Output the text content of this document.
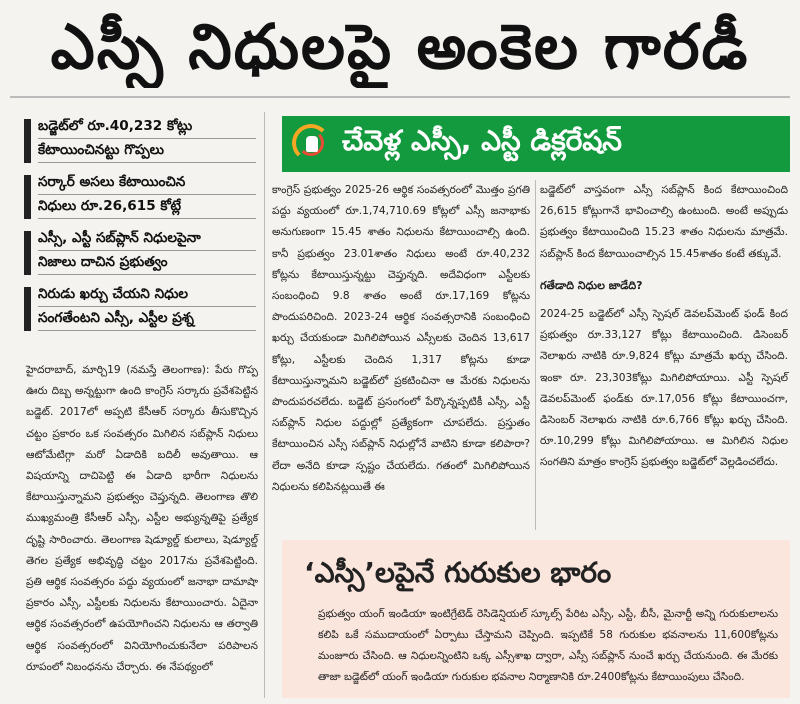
ఎస్సీ నిధులపై అంకెల గారడీ
బడ్జెట్‌లో రూ.40,232 కోట్లు
కేటాయించినట్టు గొప్పలు
సర్కార్ అసలు కేటాయించిన
నిధులు రూ.26,615 కోట్లే
ఎస్సీ, ఎస్టీ సబ్‌ప్లాన్ నిధులపైనా
నిజాలు దాచిన ప్రభుత్వం
నిరుడు ఖర్చు చేయని నిధుల
సంగతేంటని ఎస్సీ, ఎస్టీల ప్రశ్న
చేవెళ్ల ఎస్సీ, ఎస్టీ డిక్లరేషన్

హైదరాబాద్, మార్చి19 (నమస్తే తెలంగాణ): పేరు గొప్ప ఊరు దిబ్బ అన్నట్టుగా ఉంది కాంగ్రెస్ సర్కారు ప్రవేశపెట్టిన బడ్జెట్. 2017లో అప్పటి కేసీఆర్ సర్కారు తీసుకొచ్చిన చట్టం ప్రకారం ఒక సంవత్సరం మిగిలిన సబ్‌ప్లాన్ నిధులు ఆటోమేటిగ్గా మరో ఏడాదికి బదిలీ అవుతాయి. ఆ విషయాన్ని దాచిపెట్టి ఈ ఏడాది భారీగా నిధులను కేటాయిస్తున్నామని ప్రభుత్వం చెప్తున్నది. తెలంగాణ తొలి ముఖ్యమంత్రి కేసీఆర్ ఎస్సీ, ఎస్టీల అభ్యున్నతిపై ప్రత్యేక దృష్టి సారించారు. తెలంగాణ షెడ్యూల్డ్ కులాలు, షెడ్యూల్డ్ తెగల ప్రత్యేక అభివృద్ధి చట్టం 2017ను ప్రవేశపెట్టింది. ప్రతి ఆర్థిక సంవత్సరం పద్దు వ్యయంలో జనాభా దామాషా ప్రకారం ఎస్సీ, ఎస్టీలకు నిధులను కేటాయించారు. ఏదైనా ఆర్థిక సంవత్సరంలో ఉపయోగించని నిధులను ఆ తర్వాతి ఆర్థిక సంవత్సరంలో వినియోగించుకునేలా పరిపాలన రూపంలో నిబంధనను చేర్చారు. ఈ నేపథ్యంలో

కాంగ్రెస్ ప్రభుత్వం 2025-26 ఆర్థిక సంవత్సరంలో మొత్తం ప్రగతి పద్దు వ్యయంలో రూ.1,74,710.69 కోట్లలో ఎస్సీ జనాభాకు అనుగుణంగా 15.45 శాతం నిధులను కేటాయించాల్సి ఉంది. కానీ ప్రభుత్వం 23.01శాతం నిధులు అంటే రూ.40,232 కోట్లను కేటాయిస్తున్నట్టు చెప్తున్నది. అదేవిధంగా ఎస్టీలకు సంబంధించి 9.8 శాతం అంటే రూ.17,169 కోట్లను పొందుపరిచింది. 2023-24 ఆర్థిక సంవత్సరానికి సంబంధించి ఖర్చు చేయకుండా మిగిలిపోయిన ఎస్సీలకు చెందిన 13,617 కోట్లు, ఎస్టీలకు చెందిన 1,317 కోట్లను కూడా కేటాయిస్తున్నామని బడ్జెట్‌లో ప్రకటించినా ఆ మేరకు నిధులను పొందుపరచలేదు. బడ్జెట్ ప్రసంగంలో పేర్కొన్నప్పటికీ ఎస్సీ, ఎస్టీ సబ్‌ప్లాన్ నిధుల పద్దుల్లో ప్రత్యేకంగా చూపలేదు. ప్రస్తుతం కేటాయించిన ఎస్సీ సబ్‌ప్లాన్ నిధుల్లోనే వాటిని కూడా కలిపారా? లేదా అనేది కూడా స్పష్టం చేయలేదు. గతంలో మిగిలిపోయిన నిధులను కలిపినట్లయితే ఈ

బడ్జెట్‌లో వాస్తవంగా ఎస్సీ సబ్‌ప్లాన్ కింద కేటాయించింది 26,615 కోట్లుగానే భావించాల్సి ఉంటుంది. అంటే అప్పుడు ప్రభుత్వం కేటాయించింది 15.23 శాతం నిధులను మాత్రమే. సబ్‌ప్లాన్ కింద కేటాయించాల్సిన 15.45శాతం కంటే తక్కువే.

గతేడాది నిధుల జాడేది?

2024-25 బడ్జెట్‌లో ఎస్సీ స్పెషల్ డెవలప్‌మెంట్ ఫండ్ కింద ప్రభుత్వం రూ.33,127 కోట్లు కేటాయించింది. డిసెంబర్ నెలాఖరు నాటికి రూ.9,824 కోట్లు మాత్రమే ఖర్చు చేసింది. ఇంకా రూ. 23,303కోట్లు మిగిలిపోయాయి. ఎస్టీ స్పెషల్ డెవలప్‌మెంట్ ఫండ్‌కు రూ.17,056 కోట్లు కేటాయించగా, డిసెంబర్ నెలాఖరు నాటికి రూ.6,766 కోట్లు ఖర్చు చేసింది. రూ.10,299 కోట్లు మిగిలిపోయాయి. ఆ మిగిలిన నిధుల సంగతిని మాత్రం కాంగ్రెస్ ప్రభుత్వం బడ్జెట్‌లో వెల్లడించలేదు.

‘ఎస్సీ’లపైనే గురుకుల భారం
ప్రభుత్వం యంగ్ ఇండియా ఇంటిగ్రేటెడ్ రెసిడెన్షియల్ స్కూల్స్ పేరిట ఎస్సీ, ఎస్టీ, బీసీ, మైనార్టీ అన్ని గురుకులాలను కలిపి ఒకే సముదాయంలో ఏర్పాటు చేస్తామని చెప్పింది. ఇప్పటికే 58 గురుకుల భవనాలను 11,600కోట్లను మంజూరు చేసింది. ఆ నిధులన్నింటిని ఒక్క ఎస్సీశాఖ ద్వారా, ఎస్సీ సబ్‌ప్లాన్ నుంచే ఖర్చు చేయనుంది. ఈ మేరకు తాజా బడ్జెట్‌లో యంగ్ ఇండియా గురుకుల భవనాల నిర్మాణానికి రూ.2400కోట్లను కేటాయింపులు చేసింది.
